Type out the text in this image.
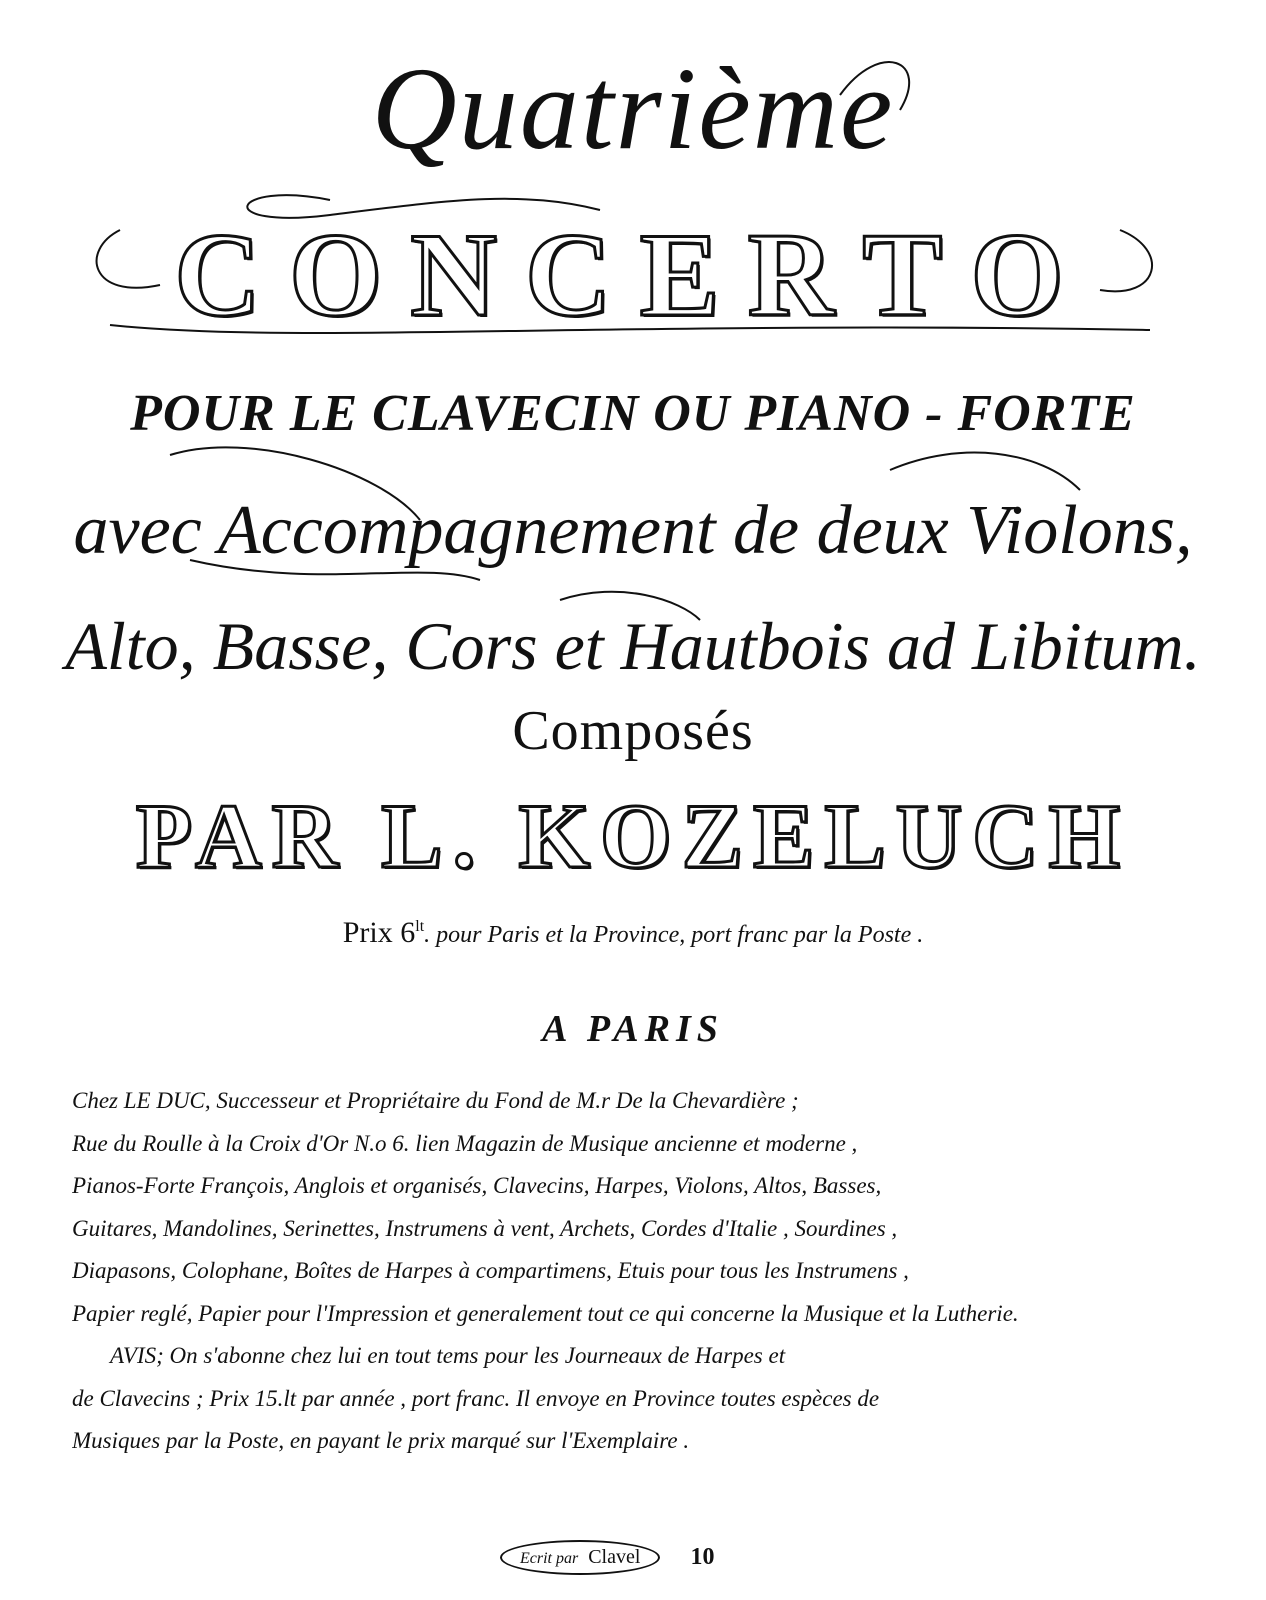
Quatrième
CONCERTO
POUR LE CLAVECIN OU PIANO - FORTE
avec Accompagnement de deux Violons,
Alto, Basse, Cors et Hautbois ad Libitum.
Composés
PAR L. KOZELUCH
Prix $6^{lt}$. pour Paris et la Province, port franc par la Poste .
A PARIS

Chez LE DUC, Successeur et Propriétaire du Fond de M.r De la Chevardière ;

Rue du Roulle à la Croix d'Or N.o 6. lien Magazin de Musique ancienne et moderne ,

Pianos-Forte François, Anglois et organisés, Clavecins, Harpes, Violons, Altos, Basses,

Guitares, Mandolines, Serinettes, Instrumens à vent, Archets, Cordes d'Italie , Sourdines ,

Diapasons, Colophane, Boîtes de Harpes à compartimens, Etuis pour tous les Instrumens ,

Papier reglé, Papier pour l'Impression et generalement tout ce qui concerne la Musique et la Lutherie.

AVIS; On s'abonne chez lui en tout tems pour les Journeaux de Harpes et

de Clavecins ; Prix 15.lt par année , port franc. Il envoye en Province toutes espèces de

Musiques par la Poste, en payant le prix marqué sur l'Exemplaire .

Ecrit par Clavel 10
